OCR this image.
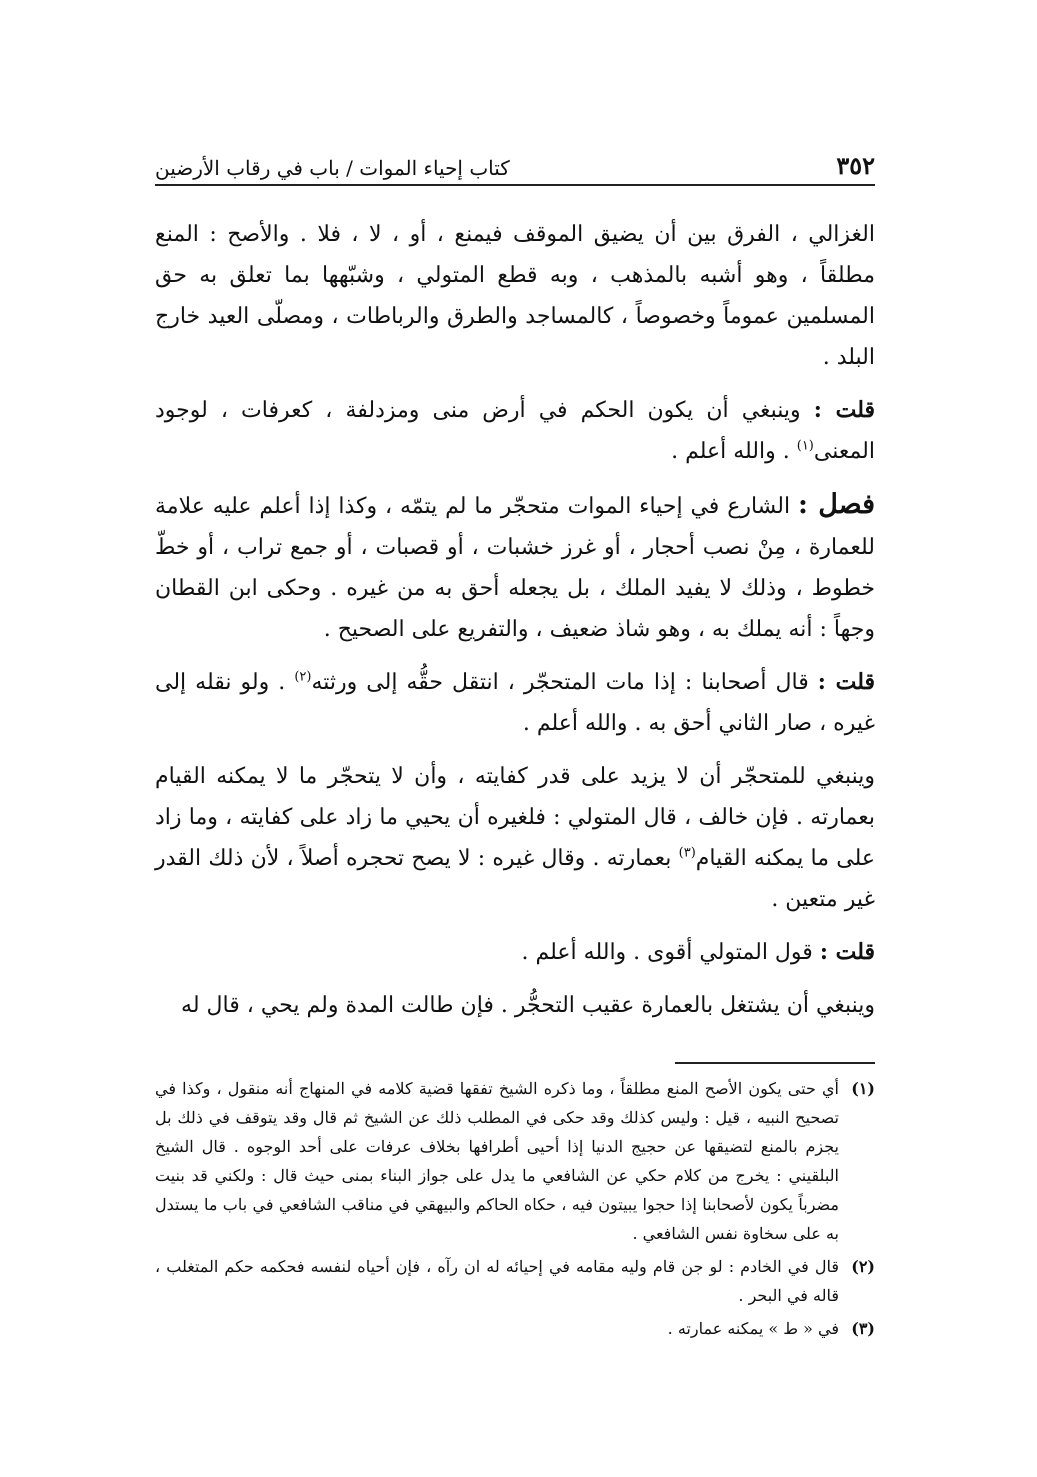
٣٥٢
كتاب إحياء الموات / باب في رقاب الأرضين

الغزالي ، الفرق بين أن يضيق الموقف فيمنع ، أو ، لا ، فلا . والأصح : المنع مطلقاً ، وهو أشبه بالمذهب ، وبه قطع المتولي ، وشبّهها بما تعلق به حق المسلمين عموماً وخصوصاً ، كالمساجد والطرق والرباطات ، ومصلّى العيد خارج البلد .

قلت : وينبغي أن يكون الحكم في أرض منى ومزدلفة ، كعرفات ، لوجود المعنى$^{(١)}$ . والله أعلم .

فصل : الشارع في إحياء الموات متحجّر ما لم يتمّه ، وكذا إذا أعلم عليه علامة للعمارة ، مِنْ نصب أحجار ، أو غرز خشبات ، أو قصبات ، أو جمع تراب ، أو خطّ خطوط ، وذلك لا يفيد الملك ، بل يجعله أحق به من غيره . وحكى ابن القطان وجهاً : أنه يملك به ، وهو شاذ ضعيف ، والتفريع على الصحيح .

قلت : قال أصحابنا : إذا مات المتحجّر ، انتقل حقُّه إلى ورثته$^{(٢)}$ . ولو نقله إلى غيره ، صار الثاني أحق به . والله أعلم .

وينبغي للمتحجّر أن لا يزيد على قدر كفايته ، وأن لا يتحجّر ما لا يمكنه القيام بعمارته . فإن خالف ، قال المتولي : فلغيره أن يحيي ما زاد على كفايته ، وما زاد على ما يمكنه القيام$^{(٣)}$ بعمارته . وقال غيره : لا يصح تحجره أصلاً ، لأن ذلك القدر غير متعين .

قلت : قول المتولي أقوى . والله أعلم .

وينبغي أن يشتغل بالعمارة عقيب التحجُّر . فإن طالت المدة ولم يحي ، قال له

(١)
أي حتى يكون الأصح المنع مطلقاً ، وما ذكره الشيخ تفقها قضية كلامه في المنهاج أنه منقول ، وكذا في تصحيح النبيه ، قيل : وليس كذلك وقد حكى في المطلب ذلك عن الشيخ ثم قال وقد يتوقف في ذلك بل يجزم بالمنع لتضيقها عن حجيج الدنيا إذا أحيى أطرافها بخلاف عرفات على أحد الوجوه . قال الشيخ البلقيني : يخرج من كلام حكي عن الشافعي ما يدل على جواز البناء بمنى حيث قال : ولكني قد بنيت مضرباً يكون لأصحابنا إذا حجوا يبيتون فيه ، حكاه الحاكم والبيهقي في مناقب الشافعي في باب ما يستدل به على سخاوة نفس الشافعي .
(٢)
قال في الخادم : لو جن قام وليه مقامه في إحيائه له ان رآه ، فإن أحياه لنفسه فحكمه حكم المتغلب ، قاله في البحر .
(٣)
في « ط » يمكنه عمارته .
